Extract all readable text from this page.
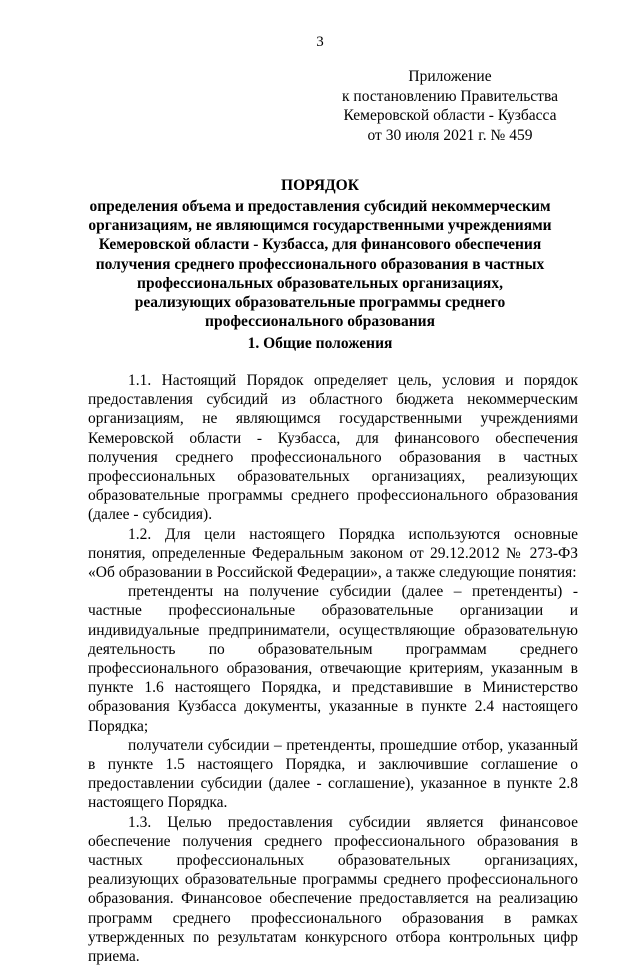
3
Приложение
к постановлению Правительства
Кемеровской области - Кузбасса
от 30 июля 2021 г. № 459
ПОРЯДОК
определения объема и предоставления субсидий некоммерческим организациям, не являющимся государственными учреждениями Кемеровской области - Кузбасса, для финансового обеспечения получения среднего профессионального образования в частных профессиональных образовательных организациях, реализующих образовательные программы среднего профессионального образования
1. Общие положения

1.1. Настоящий Порядок определяет цель, условия и порядок предоставления субсидий из областного бюджета некоммерческим организациям, не являющимся государственными учреждениями Кемеровской области - Кузбасса, для финансового обеспечения получения среднего профессионального образования в частных профессиональных образовательных организациях, реализующих образовательные программы среднего профессионального образования (далее - субсидия).

1.2. Для цели настоящего Порядка используются основные понятия, определенные Федеральным законом от 29.12.2012 № 273-ФЗ «Об образовании в Российской Федерации», а также следующие понятия:

претенденты на получение субсидии (далее – претенденты) - частные профессиональные образовательные организации и индивидуальные предприниматели, осуществляющие образовательную деятельность по образовательным программам среднего профессионального образования, отвечающие критериям, указанным в пункте 1.6 настоящего Порядка, и представившие в Министерство образования Кузбасса документы, указанные в пункте 2.4 настоящего Порядка;

получатели субсидии – претенденты, прошедшие отбор, указанный в пункте 1.5 настоящего Порядка, и заключившие соглашение о предоставлении субсидии (далее - соглашение), указанное в пункте 2.8 настоящего Порядка.

1.3. Целью предоставления субсидии является финансовое обеспечение получения среднего профессионального образования в частных профессиональных образовательных организациях, реализующих образовательные программы среднего профессионального образования. Финансовое обеспечение предоставляется на реализацию программ среднего профессионального образования в рамках утвержденных по результатам конкурсного отбора контрольных цифр приема.
